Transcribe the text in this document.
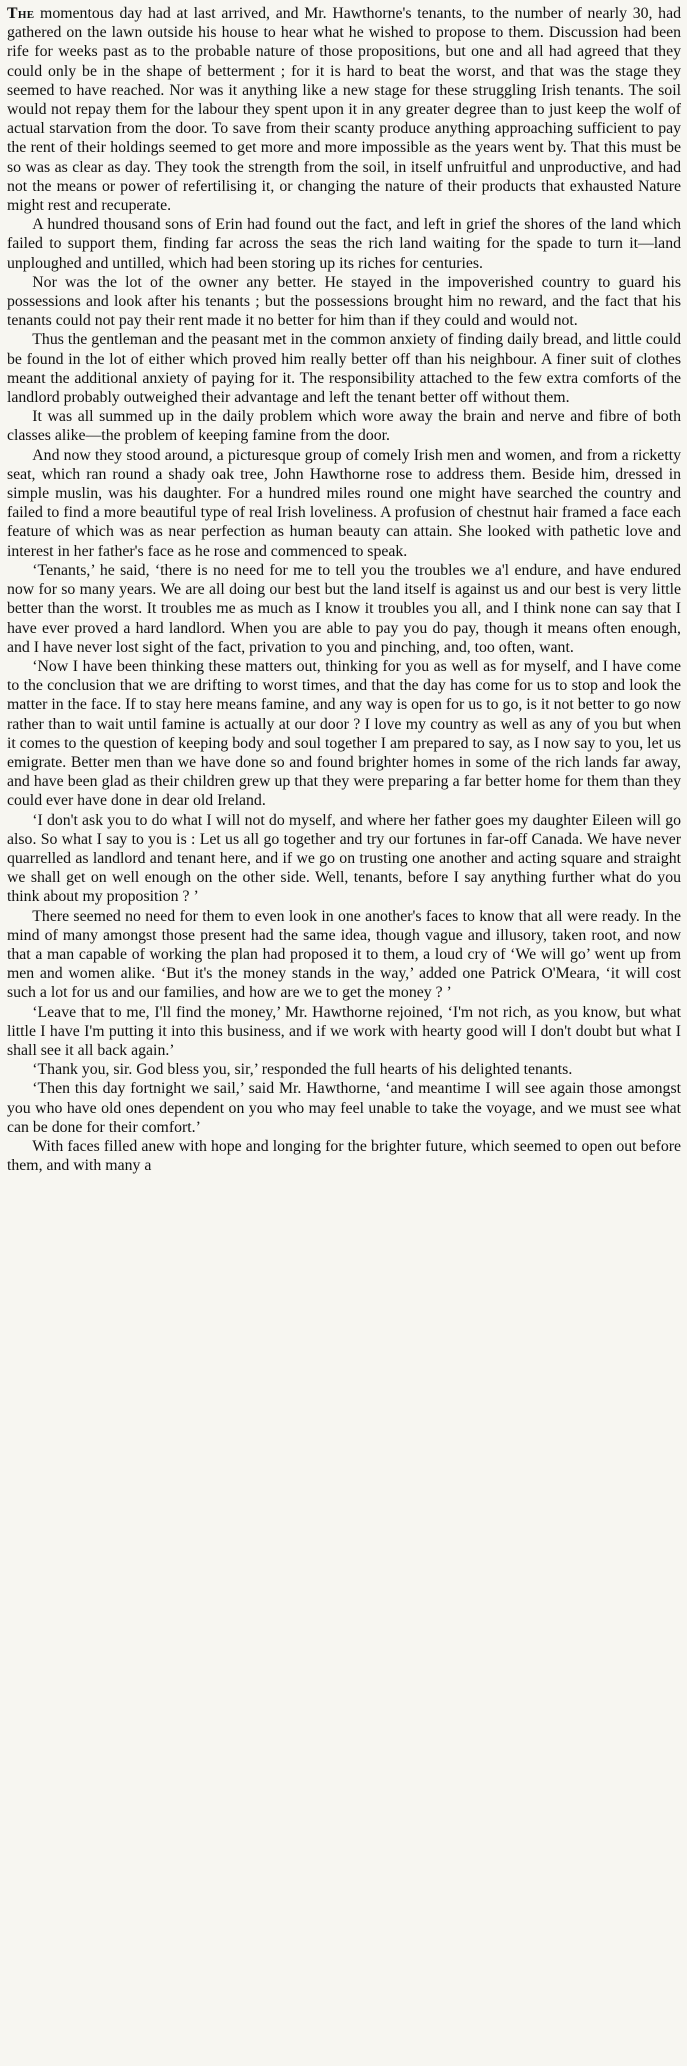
The momentous day had at last arrived, and Mr. Hawthorne's tenants, to the number of nearly 30, had gathered on the lawn outside his house to hear what he wished to propose to them. Discussion had been rife for weeks past as to the probable nature of those propositions, but one and all had agreed that they could only be in the shape of betterment ; for it is hard to beat the worst, and that was the stage they seemed to have reached. Nor was it anything like a new stage for these struggling Irish tenants. The soil would not repay them for the labour they spent upon it in any greater degree than to just keep the wolf of actual starvation from the door. To save from their scanty produce anything approaching sufficient to pay the rent of their holdings seemed to get more and more impossible as the years went by. That this must be so was as clear as day. They took the strength from the soil, in itself unfruitful and unproductive, and had not the means or power of refertilising it, or changing the nature of their products that exhausted Nature might rest and recuperate.

A hundred thousand sons of Erin had found out the fact, and left in grief the shores of the land which failed to support them, finding far across the seas the rich land waiting for the spade to turn it—land unploughed and untilled, which had been storing up its riches for centuries.

Nor was the lot of the owner any better. He stayed in the impoverished country to guard his possessions and look after his tenants ; but the possessions brought him no reward, and the fact that his tenants could not pay their rent made it no better for him than if they could and would not.

Thus the gentleman and the peasant met in the common anxiety of finding daily bread, and little could be found in the lot of either which proved him really better off than his neighbour. A finer suit of clothes meant the additional anxiety of paying for it. The responsibility attached to the few extra comforts of the landlord probably outweighed their advantage and left the tenant better off without them.

It was all summed up in the daily problem which wore away the brain and nerve and fibre of both classes alike—the problem of keeping famine from the door.

And now they stood around, a picturesque group of comely Irish men and women, and from a ricketty seat, which ran round a shady oak tree, John Hawthorne rose to address them. Beside him, dressed in simple muslin, was his daughter. For a hundred miles round one might have searched the country and failed to find a more beautiful type of real Irish loveliness. A profusion of chestnut hair framed a face each feature of which was as near perfection as human beauty can attain. She looked with pathetic love and interest in her father's face as he rose and commenced to speak.

‘Tenants,’ he said, ‘there is no need for me to tell you the troubles we a'l endure, and have endured now for so many years. We are all doing our best but the land itself is against us and our best is very little better than the worst. It troubles me as much as I know it troubles you all, and I think none can say that I have ever proved a hard landlord. When you are able to pay you do pay, though it means often enough, and I have never lost sight of the fact, privation to you and pinching, and, too often, want.

‘Now I have been thinking these matters out, thinking for you as well as for myself, and I have come to the conclusion that we are drifting to worst times, and that the day has come for us to stop and look the matter in the face. If to stay here means famine, and any way is open for us to go, is it not better to go now rather than to wait until famine is actually at our door ? I love my country as well as any of you but when it comes to the question of keeping body and soul together I am prepared to say, as I now say to you, let us emigrate. Better men than we have done so and found brighter homes in some of the rich lands far away, and have been glad as their children grew up that they were preparing a far better home for them than they could ever have done in dear old Ireland.

‘I don't ask you to do what I will not do myself, and where her father goes my daughter Eileen will go also. So what I say to you is : Let us all go together and try our fortunes in far-off Canada. We have never quarrelled as landlord and tenant here, and if we go on trusting one another and acting square and straight we shall get on well enough on the other side. Well, tenants, before I say anything further what do you think about my proposition ? ’

There seemed no need for them to even look in one another's faces to know that all were ready. In the mind of many amongst those present had the same idea, though vague and illusory, taken root, and now that a man capable of working the plan had proposed it to them, a loud cry of ‘We will go’ went up from men and women alike. ‘But it's the money stands in the way,’ added one Patrick O'Meara, ‘it will cost such a lot for us and our families, and how are we to get the money ? ’

‘Leave that to me, I'll find the money,’ Mr. Hawthorne rejoined, ‘I'm not rich, as you know, but what little I have I'm putting it into this business, and if we work with hearty good will I don't doubt but what I shall see it all back again.’

‘Thank you, sir. God bless you, sir,’ responded the full hearts of his delighted tenants.

‘Then this day fortnight we sail,’ said Mr. Hawthorne, ‘and meantime I will see again those amongst you who have old ones dependent on you who may feel unable to take the voyage, and we must see what can be done for their comfort.’

With faces filled anew with hope and longing for the brighter future, which seemed to open out before them, and with many a
